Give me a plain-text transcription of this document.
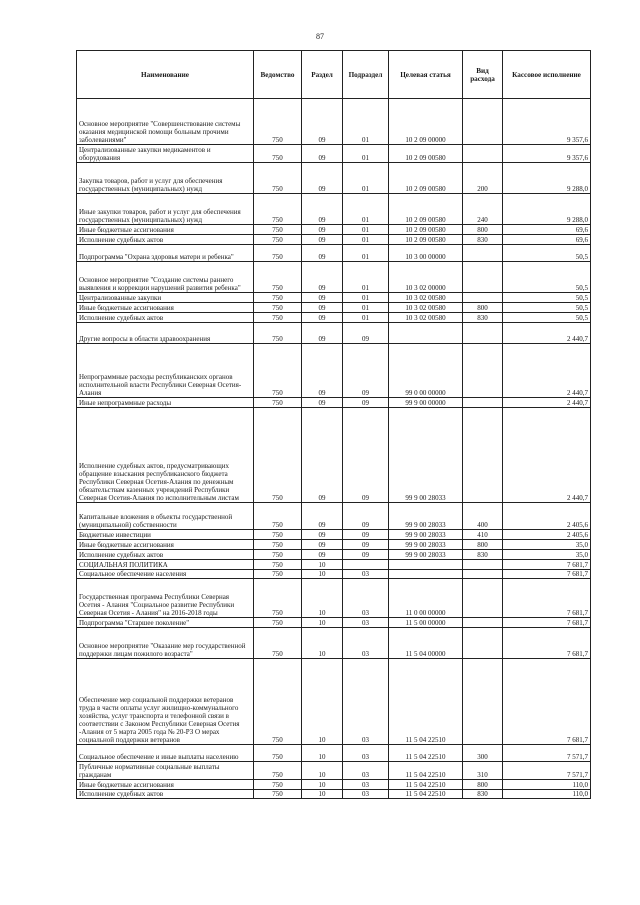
87
Наименование	Ведомство	Раздел	Подраздел	Целевая статья	Вид расхода	Кассовое исполнение
Основное мероприятие "Совершенствование системы оказания медицинской помощи больным прочими заболеваниями"	750	09	01	10 2 09 00000		9 357,6
Централизованные закупки медикаментов и оборудования	750	09	01	10 2 09 00580		9 357,6
Закупка товаров, работ и услуг для обеспечения государственных (муниципальных) нужд	750	09	01	10 2 09 00580	200	9 288,0
Иные закупки товаров, работ и услуг для обеспечения государственных (муниципальных) нужд	750	09	01	10 2 09 00580	240	9 288,0
Иные бюджетные ассигнования	750	09	01	10 2 09 00580	800	69,6
Исполнение судебных актов	750	09	01	10 2 09 00580	830	69,6
Подпрограмма "Охрана здоровья матери и ребенка"	750	09	01	10 3 00 00000		50,5
Основное мероприятие "Создание системы раннего выявления и коррекции нарушений развития ребенка"	750	09	01	10 3 02 00000		50,5
Централизованные закупки	750	09	01	10 3 02 00580		50,5
Иные бюджетные ассигнования	750	09	01	10 3 02 00580	800	50,5
Исполнение судебных актов	750	09	01	10 3 02 00580	830	50,5
Другие вопросы в области здравоохранения	750	09	09			2 440,7
Непрограммные расходы республиканских органов исполнительной власти Республики Северная Осетия-Алания	750	09	09	99 0 00 00000		2 440,7
Иные непрограммные расходы	750	09	09	99 9 00 00000		2 440,7
Исполнение судебных актов, предусматривающих обращение взыскания республиканского бюджета Республики Северная Осетия-Алания по денежным обязательствам казенных учреждений Республики Северная Осетия-Алания по исполнительным листам	750	09	09	99 9 00 28033		2 440,7
Капитальные вложения в объекты государственной (муниципальной) собственности	750	09	09	99 9 00 28033	400	2 405,6
Бюджетные инвестиции	750	09	09	99 9 00 28033	410	2 405,6
Иные бюджетные ассигнования	750	09	09	99 9 00 28033	800	35,0
Исполнение судебных актов	750	09	09	99 9 00 28033	830	35,0
СОЦИАЛЬНАЯ ПОЛИТИКА	750	10				7 681,7
Социальное обеспечение населения	750	10	03			7 681,7
Государственная программа Республики Северная Осетия - Алания "Социальное развитие Республики Северная Осетия - Алания" на 2016-2018 годы	750	10	03	11 0 00 00000		7 681,7
Подпрограмма "Старшее поколение"	750	10	03	11 5 00 00000		7 681,7
Основное мероприятие "Оказание мер государственной поддержки лицам пожилого возраста"	750	10	03	11 5 04 00000		7 681,7
Обеспечение мер социальной поддержки ветеранов труда в части оплаты услуг жилищно-коммунального хозяйства, услуг транспорта и телефонной связи в соответствии с Законом Республики Северная Осетия -Алания от 5 марта 2005 года № 20-РЗ О мерах социальной поддержки ветеранов	750	10	03	11 5 04 22510		7 681,7
Социальное обеспечение и иные выплаты населению	750	10	03	11 5 04 22510	300	7 571,7
Публичные нормативные социальные выплаты гражданам	750	10	03	11 5 04 22510	310	7 571,7
Иные бюджетные ассигнования	750	10	03	11 5 04 22510	800	110,0
Исполнение судебных актов	750	10	03	11 5 04 22510	830	110,0
